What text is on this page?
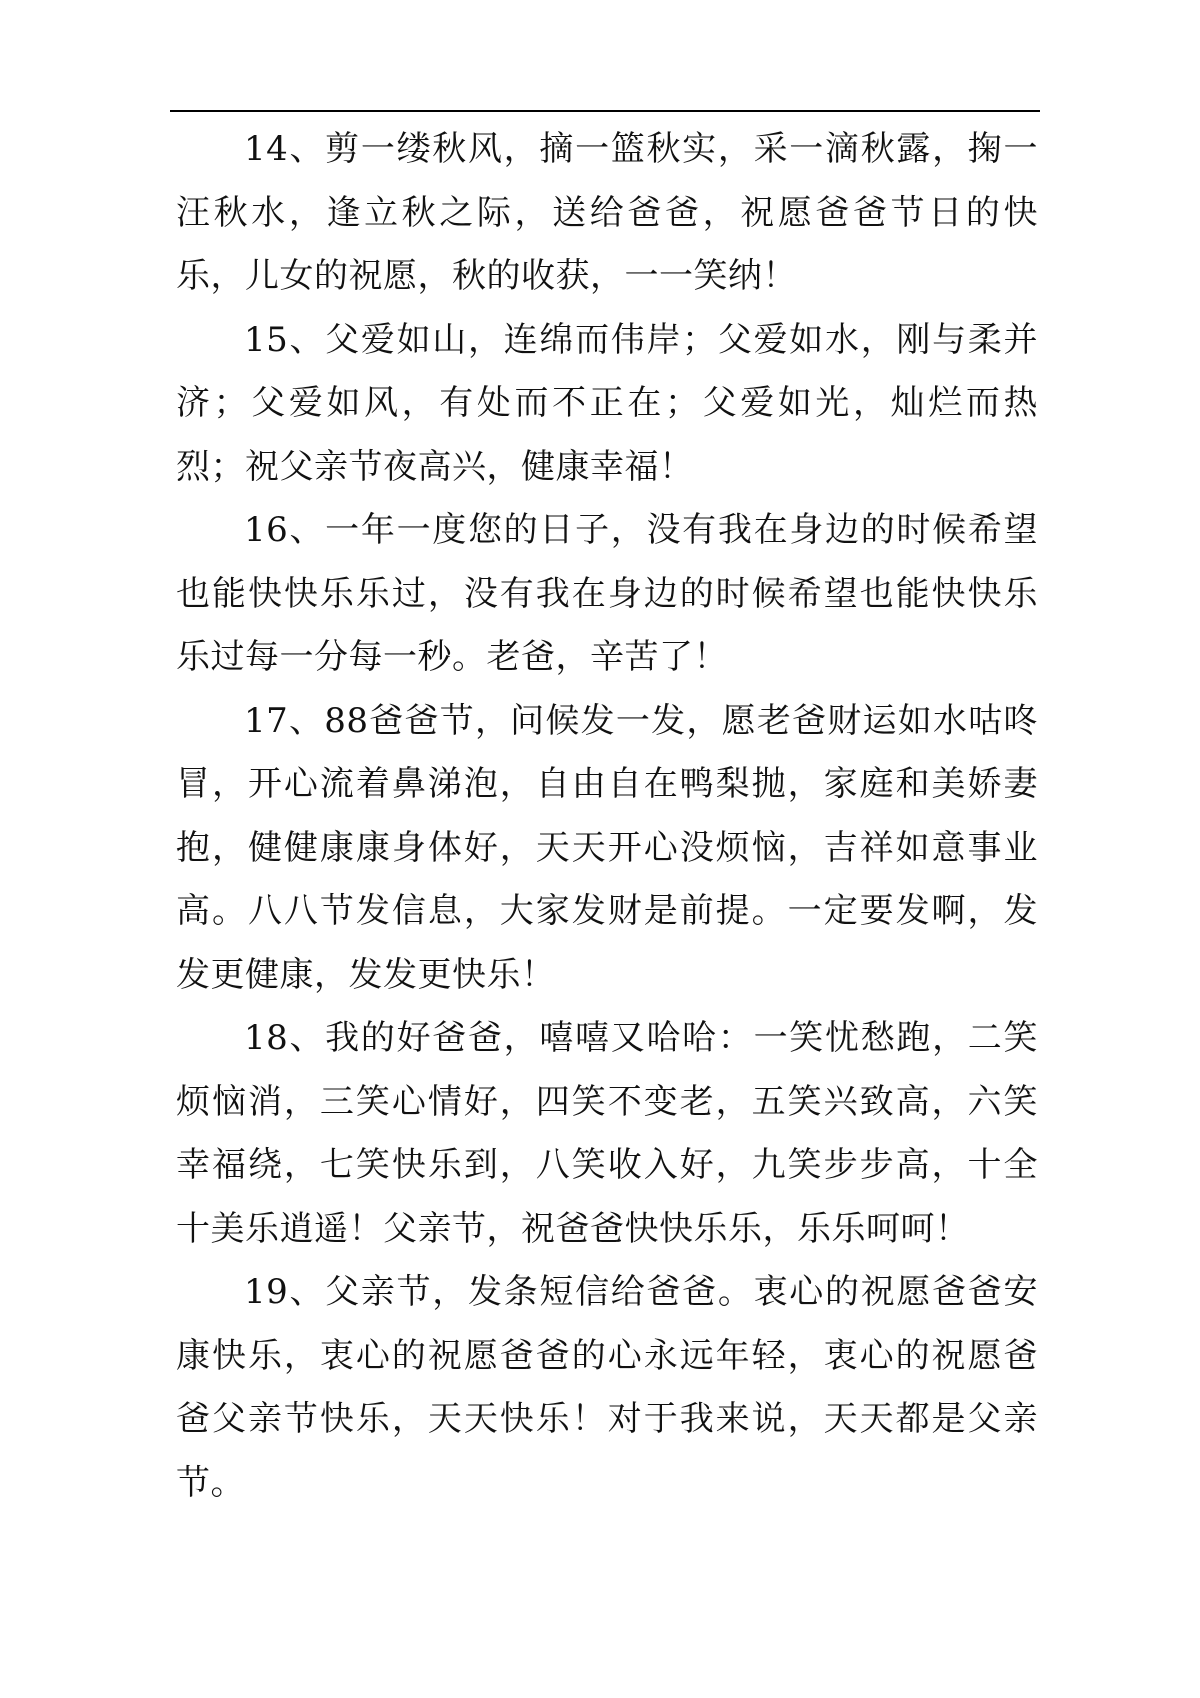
14、剪一缕秋风，摘一篮秋实，采一滴秋露，掬一汪秋水，逢立秋之际，送给爸爸，祝愿爸爸节日的快乐，儿女的祝愿，秋的收获，一一笑纳！

15、父爱如山，连绵而伟岸；父爱如水，刚与柔并济；父爱如风，有处而不正在；父爱如光，灿烂而热烈；祝父亲节夜高兴，健康幸福！

16、一年一度您的日子，没有我在身边的时候希望也能快快乐乐过，没有我在身边的时候希望也能快快乐乐过每一分每一秒。老爸，辛苦了！

17、88爸爸节，问候发一发，愿老爸财运如水咕咚冒，开心流着鼻涕泡，自由自在鸭梨抛，家庭和美娇妻抱，健健康康身体好，天天开心没烦恼，吉祥如意事业高。八八节发信息，大家发财是前提。一定要发啊，发发更健康，发发更快乐！

18、我的好爸爸，嘻嘻又哈哈：一笑忧愁跑，二笑烦恼消，三笑心情好，四笑不变老，五笑兴致高，六笑幸福绕，七笑快乐到，八笑收入好，九笑步步高，十全十美乐逍遥！父亲节，祝爸爸快快乐乐，乐乐呵呵！

19、父亲节，发条短信给爸爸。衷心的祝愿爸爸安康快乐，衷心的祝愿爸爸的心永远年轻，衷心的祝愿爸爸父亲节快乐，天天快乐！对于我来说，天天都是父亲节。
